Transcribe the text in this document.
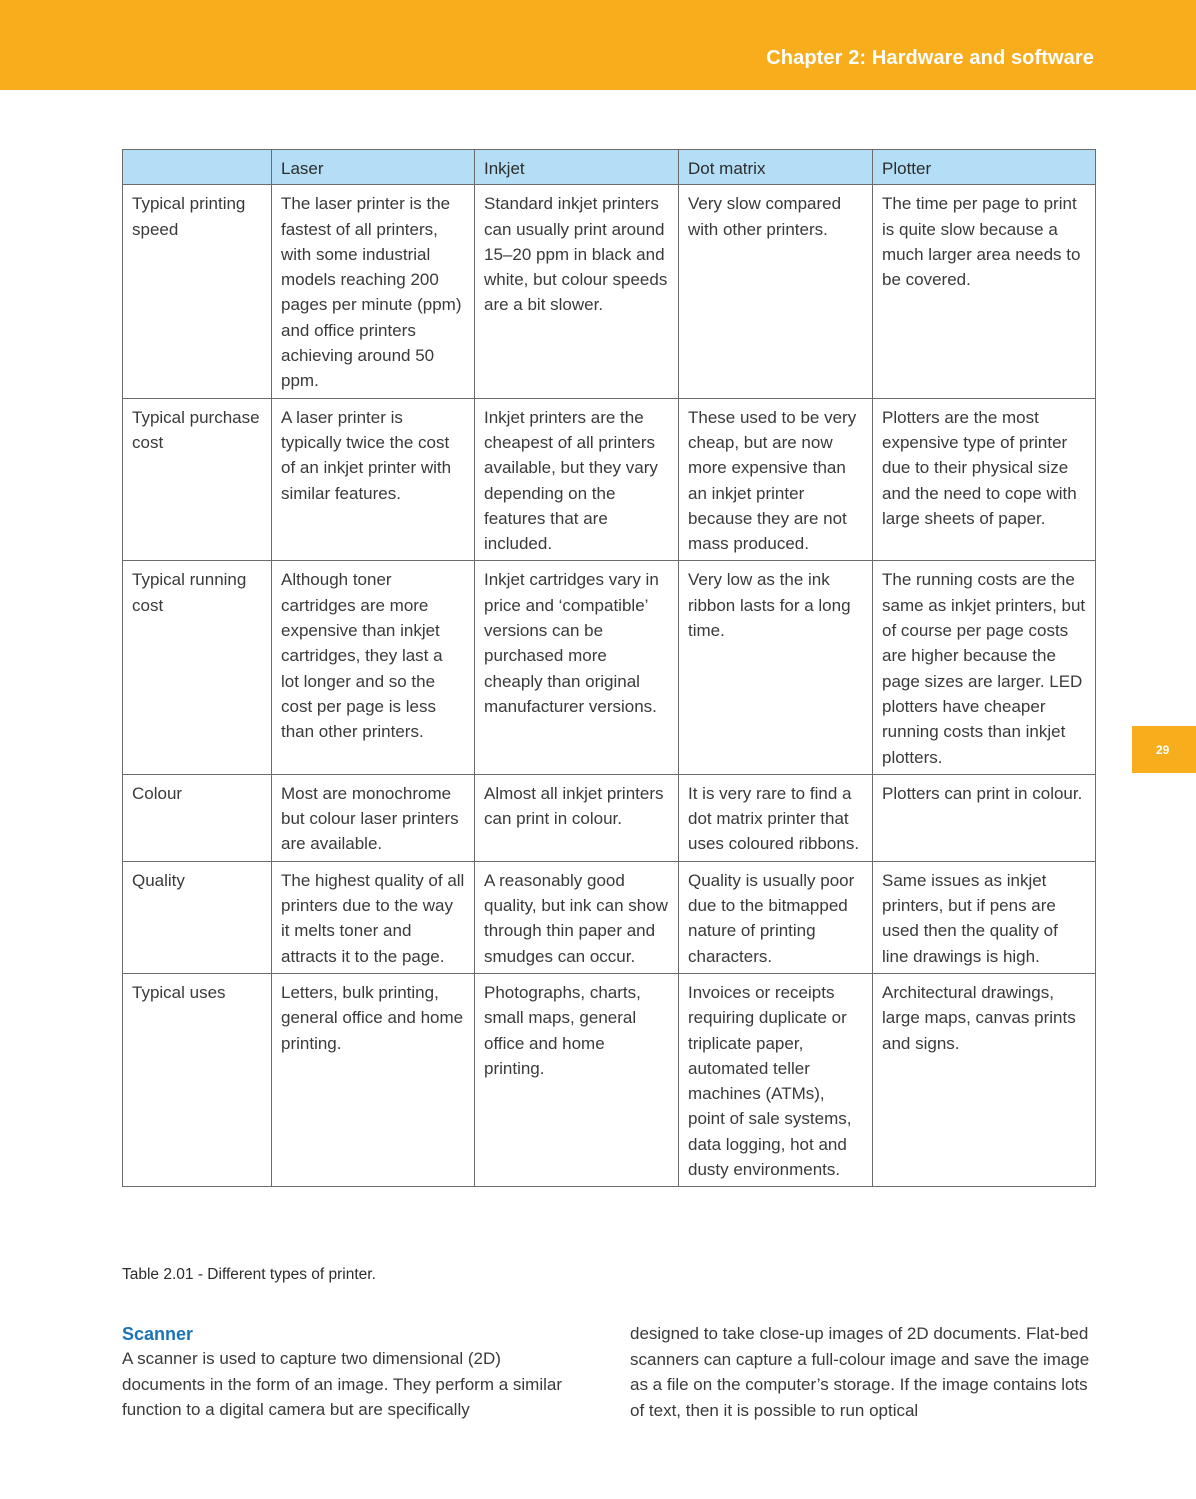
Chapter 2: Hardware and software
29
	Laser	Inkjet	Dot matrix	Plotter
Typical printing speed	The laser printer is the fastest of all printers, with some industrial models reaching 200 pages per minute (ppm) and office printers achieving around 50 ppm.	Standard inkjet printers can usually print around 15–20 ppm in black and white, but colour speeds are a bit slower.	Very slow compared with other printers.	The time per page to print is quite slow because a much larger area needs to be covered.
Typical purchase cost	A laser printer is typically twice the cost of an inkjet printer with similar features.	Inkjet printers are the cheapest of all printers available, but they vary depending on the features that are included.	These used to be very cheap, but are now more expensive than an inkjet printer because they are not mass produced.	Plotters are the most expensive type of printer due to their physical size and the need to cope with large sheets of paper.
Typical running cost	Although toner cartridges are more expensive than inkjet cartridges, they last a lot longer and so the cost per page is less than other printers.	Inkjet cartridges vary in price and ‘compatible’ versions can be purchased more cheaply than original manufacturer versions.	Very low as the ink ribbon lasts for a long time.	The running costs are the same as inkjet printers, but of course per page costs are higher because the page sizes are larger. LED plotters have cheaper running costs than inkjet plotters.
Colour	Most are monochrome but colour laser printers are available.	Almost all inkjet printers can print in colour.	It is very rare to find a dot matrix printer that uses coloured ribbons.	Plotters can print in colour.
Quality	The highest quality of all printers due to the way it melts toner and attracts it to the page.	A reasonably good quality, but ink can show through thin paper and smudges can occur.	Quality is usually poor due to the bitmapped nature of printing characters.	Same issues as inkjet printers, but if pens are used then the quality of line drawings is high.
Typical uses	Letters, bulk printing, general office and home printing.	Photographs, charts, small maps, general office and home printing.	Invoices or receipts requiring duplicate or triplicate paper, automated teller machines (ATMs), point of sale systems, data logging, hot and dusty environments.	Architectural drawings, large maps, canvas prints and signs.
Table 2.01 - Different types of printer.
Scanner

A scanner is used to capture two dimensional (2D) documents in the form of an image. They perform a similar function to a digital camera but are specifically

designed to take close-up images of 2D documents. Flat-bed scanners can capture a full-colour image and save the image as a file on the computer’s storage. If the image contains lots of text, then it is possible to run optical
